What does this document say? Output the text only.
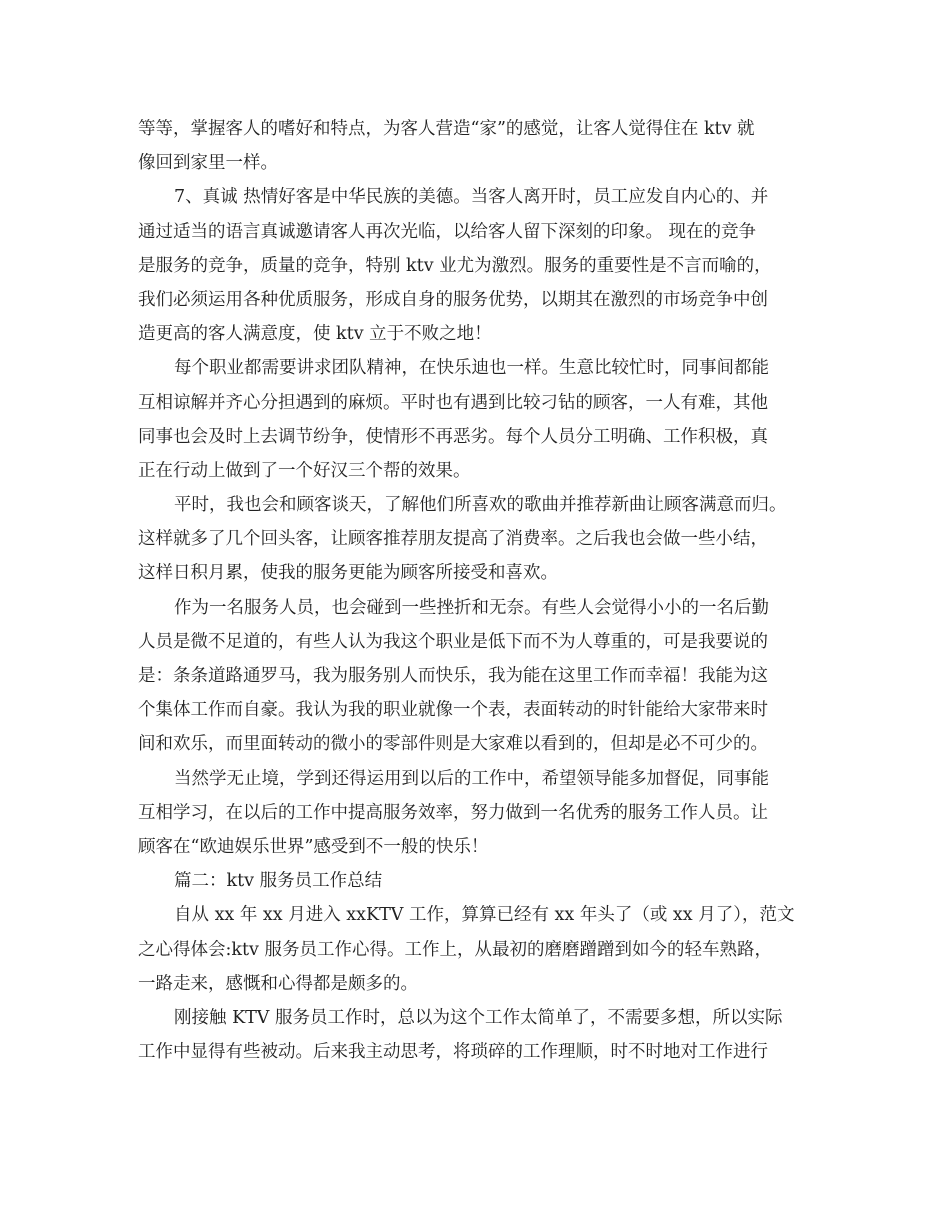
等等，掌握客人的嗜好和特点，为客人营造“家”的感觉，让客人觉得住在 ktv 就
像回到家里一样。
7、真诚 热情好客是中华民族的美德。当客人离开时，员工应发自内心的、并
通过适当的语言真诚邀请客人再次光临，以给客人留下深刻的印象。 现在的竞争
是服务的竞争，质量的竞争，特别 ktv 业尤为激烈。服务的重要性是不言而喻的，
我们必须运用各种优质服务，形成自身的服务优势，以期其在激烈的市场竞争中创
造更高的客人满意度，使 ktv 立于不败之地！
每个职业都需要讲求团队精神，在快乐迪也一样。生意比较忙时，同事间都能
互相谅解并齐心分担遇到的麻烦。平时也有遇到比较刁钻的顾客，一人有难，其他
同事也会及时上去调节纷争，使情形不再恶劣。每个人员分工明确、工作积极，真
正在行动上做到了一个好汉三个帮的效果。
平时，我也会和顾客谈天，了解他们所喜欢的歌曲并推荐新曲让顾客满意而归。
这样就多了几个回头客，让顾客推荐朋友提高了消费率。之后我也会做一些小结，
这样日积月累，使我的服务更能为顾客所接受和喜欢。
作为一名服务人员，也会碰到一些挫折和无奈。有些人会觉得小小的一名后勤
人员是微不足道的，有些人认为我这个职业是低下而不为人尊重的，可是我要说的
是：条条道路通罗马，我为服务别人而快乐，我为能在这里工作而幸福！我能为这
个集体工作而自豪。我认为我的职业就像一个表，表面转动的时针能给大家带来时
间和欢乐，而里面转动的微小的零部件则是大家难以看到的，但却是必不可少的。
当然学无止境，学到还得运用到以后的工作中，希望领导能多加督促，同事能
互相学习，在以后的工作中提高服务效率，努力做到一名优秀的服务工作人员。让
顾客在“欧迪娱乐世界”感受到不一般的快乐！
篇二：ktv 服务员工作总结
自从 xx 年 xx 月进入 xxKTV 工作，算算已经有 xx 年头了（或 xx 月了），范文
之心得体会:ktv 服务员工作心得。工作上，从最初的磨磨蹭蹭到如今的轻车熟路，
一路走来，感慨和心得都是颇多的。
刚接触 KTV 服务员工作时，总以为这个工作太简单了，不需要多想，所以实际
工作中显得有些被动。后来我主动思考，将琐碎的工作理顺，时不时地对工作进行
